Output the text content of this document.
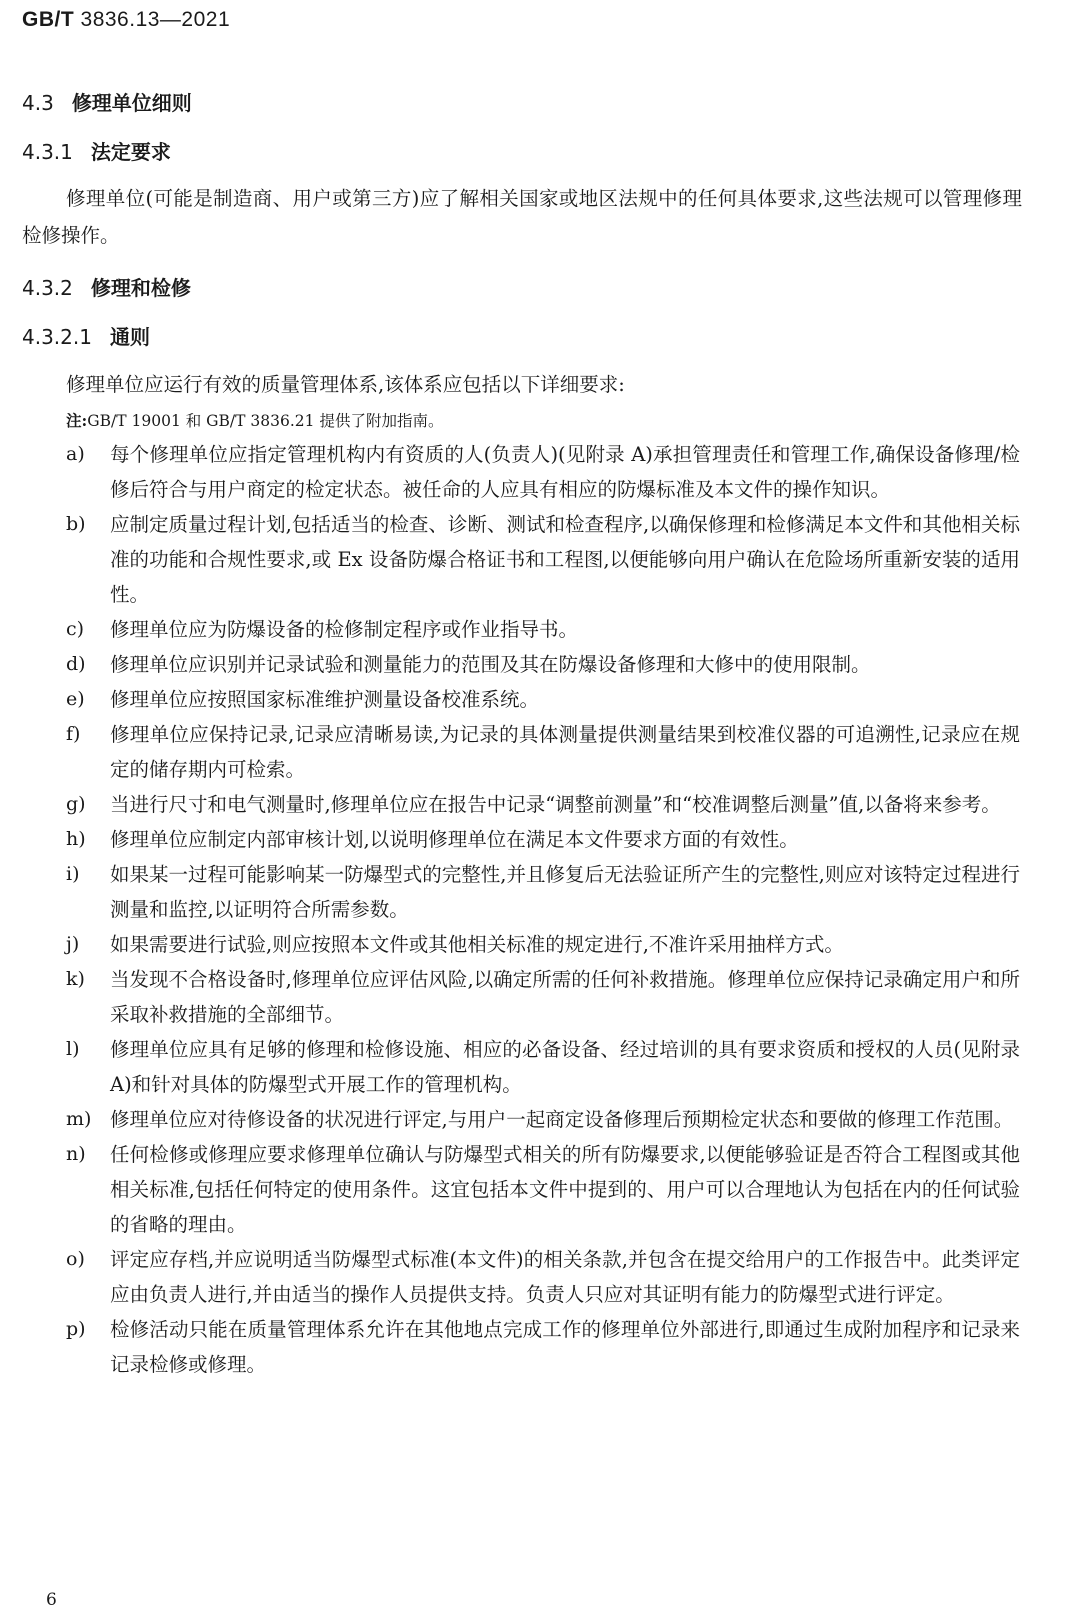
GB/T 3836.13—2021
4.3 修理单位细则
4.3.1 法定要求
修理单位(可能是制造商、用户或第三方)应了解相关国家或地区法规中的任何具体要求,这些法规可以管理修理检修操作。
4.3.2 修理和检修
4.3.2.1 通则
修理单位应运行有效的质量管理体系,该体系应包括以下详细要求:
注:GB/T 19001 和 GB/T 3836.21 提供了附加指南。
a) 每个修理单位应指定管理机构内有资质的人(负责人)(见附录 A)承担管理责任和管理工作,确保设备修理/检修后符合与用户商定的检定状态。被任命的人应具有相应的防爆标准及本文件的操作知识。
b) 应制定质量过程计划,包括适当的检查、诊断、测试和检查程序,以确保修理和检修满足本文件和其他相关标准的功能和合规性要求,或 Ex 设备防爆合格证书和工程图,以便能够向用户确认在危险场所重新安装的适用性。
c) 修理单位应为防爆设备的检修制定程序或作业指导书。
d) 修理单位应识别并记录试验和测量能力的范围及其在防爆设备修理和大修中的使用限制。
e) 修理单位应按照国家标准维护测量设备校准系统。
f) 修理单位应保持记录,记录应清晰易读,为记录的具体测量提供测量结果到校准仪器的可追溯性,记录应在规定的储存期内可检索。
g) 当进行尺寸和电气测量时,修理单位应在报告中记录“调整前测量”和“校准调整后测量”值,以备将来参考。
h) 修理单位应制定内部审核计划,以说明修理单位在满足本文件要求方面的有效性。
i) 如果某一过程可能影响某一防爆型式的完整性,并且修复后无法验证所产生的完整性,则应对该特定过程进行测量和监控,以证明符合所需参数。
j) 如果需要进行试验,则应按照本文件或其他相关标准的规定进行,不准许采用抽样方式。
k) 当发现不合格设备时,修理单位应评估风险,以确定所需的任何补救措施。修理单位应保持记录确定用户和所采取补救措施的全部细节。
l) 修理单位应具有足够的修理和检修设施、相应的必备设备、经过培训的具有要求资质和授权的人员(见附录 A)和针对具体的防爆型式开展工作的管理机构。
m) 修理单位应对待修设备的状况进行评定,与用户一起商定设备修理后预期检定状态和要做的修理工作范围。
n) 任何检修或修理应要求修理单位确认与防爆型式相关的所有防爆要求,以便能够验证是否符合工程图或其他相关标准,包括任何特定的使用条件。这宜包括本文件中提到的、用户可以合理地认为包括在内的任何试验的省略的理由。
o) 评定应存档,并应说明适当防爆型式标准(本文件)的相关条款,并包含在提交给用户的工作报告中。此类评定应由负责人进行,并由适当的操作人员提供支持。负责人只应对其证明有能力的防爆型式进行评定。
p) 检修活动只能在质量管理体系允许在其他地点完成工作的修理单位外部进行,即通过生成附加程序和记录来记录检修或修理。
6
